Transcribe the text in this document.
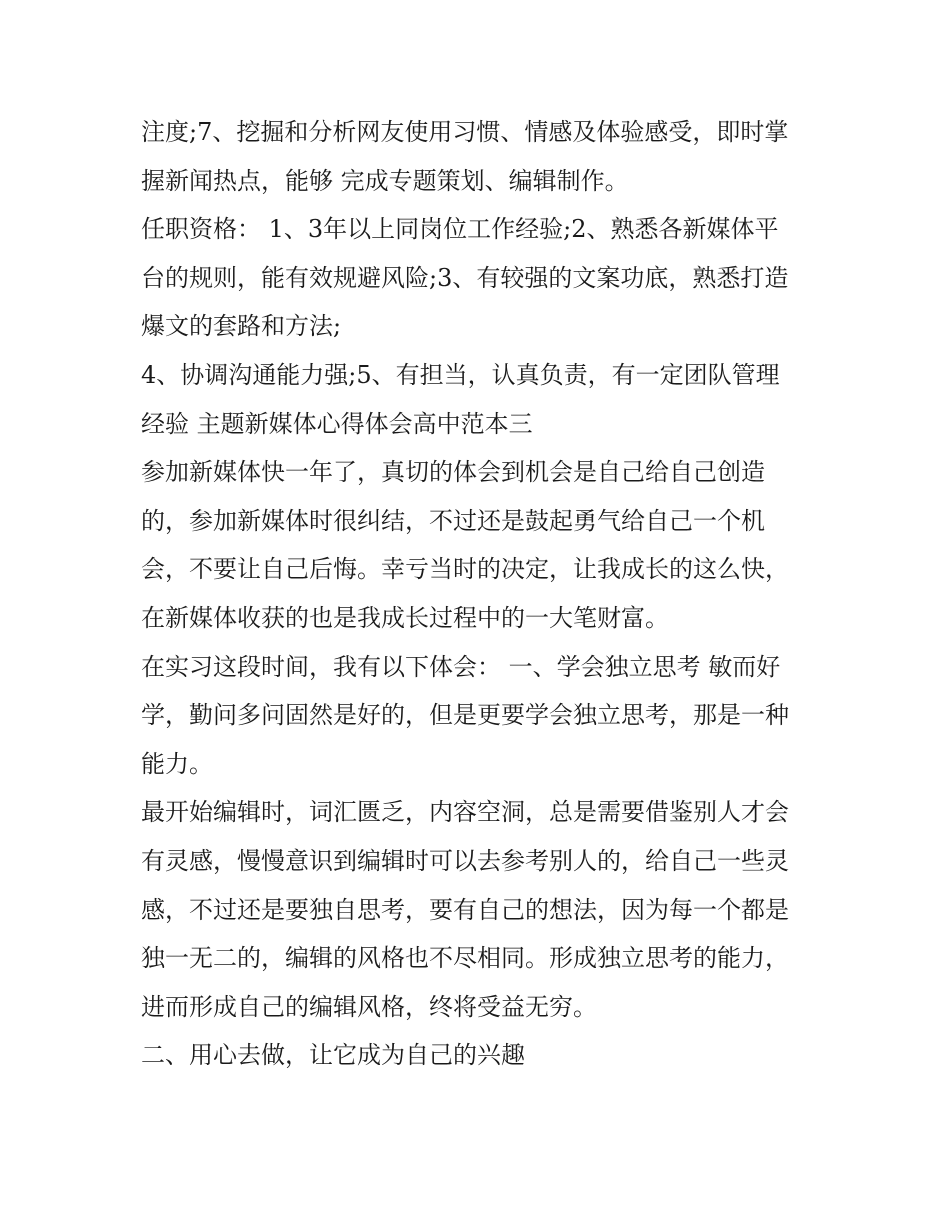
注度;7、挖掘和分析网友使用习惯、情感及体验感受，即时掌
握新闻热点，能够 完成专题策划、编辑制作。
任职资格： 1、3年以上同岗位工作经验;2、熟悉各新媒体平
台的规则，能有效规避风险;3、有较强的文案功底，熟悉打造
爆文的套路和方法;
4、协调沟通能力强;5、有担当，认真负责，有一定团队管理
经验 主题新媒体心得体会高中范本三
参加新媒体快一年了，真切的体会到机会是自己给自己创造
的，参加新媒体时很纠结，不过还是鼓起勇气给自己一个机
会，不要让自己后悔。幸亏当时的决定，让我成长的这么快，
在新媒体收获的也是我成长过程中的一大笔财富。
在实习这段时间，我有以下体会： 一、学会独立思考 敏而好
学，勤问多问固然是好的，但是更要学会独立思考，那是一种
能力。
最开始编辑时，词汇匮乏，内容空洞，总是需要借鉴别人才会
有灵感，慢慢意识到编辑时可以去参考别人的，给自己一些灵
感，不过还是要独自思考，要有自己的想法，因为每一个都是
独一无二的，编辑的风格也不尽相同。形成独立思考的能力，
进而形成自己的编辑风格，终将受益无穷。
二、用心去做，让它成为自己的兴趣
